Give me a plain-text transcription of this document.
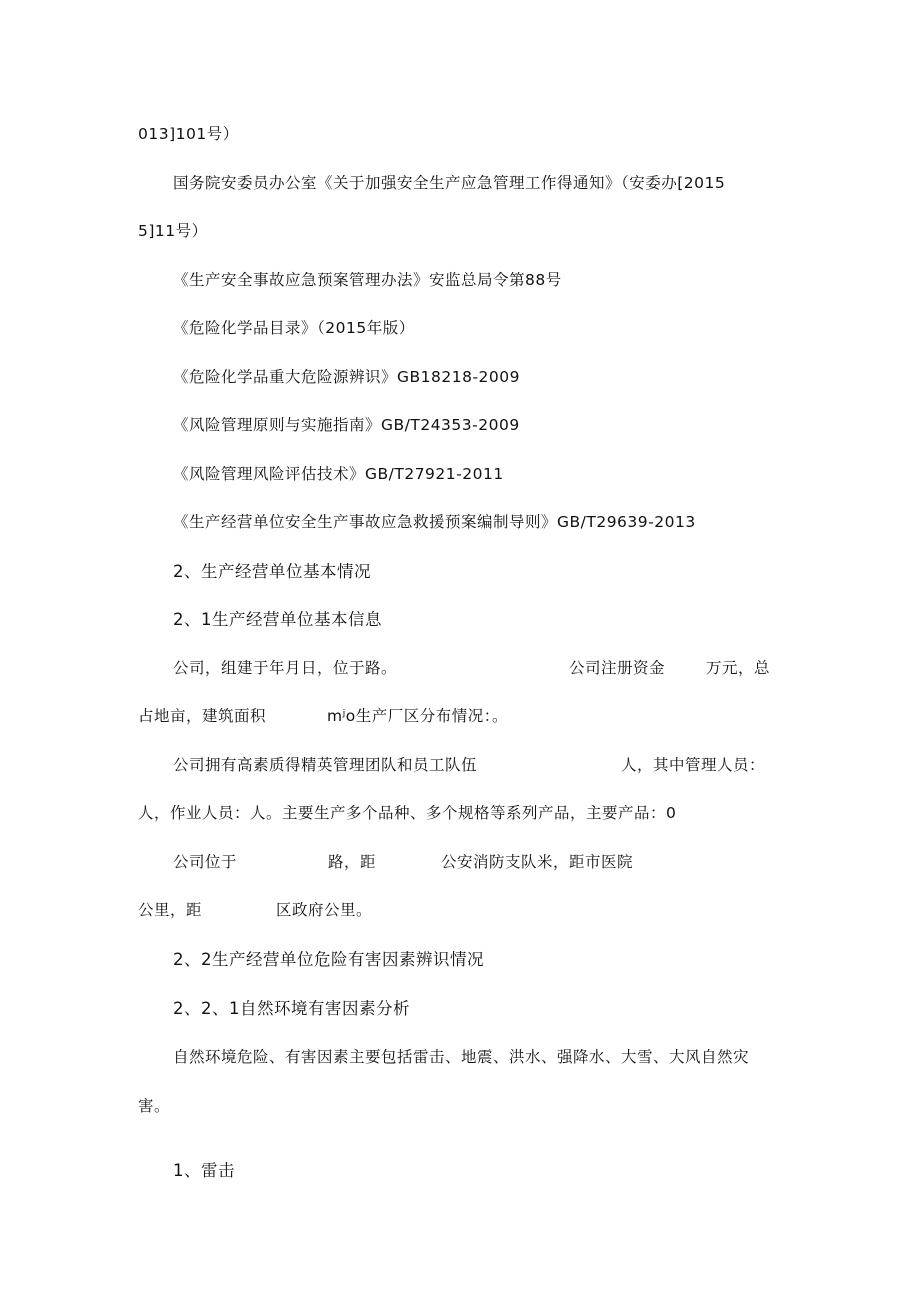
013]101号）
国务院安委员办公室《关于加强安全生产应急管理工作得通知》（安委办[2015
5]11号）
《生产安全事故应急预案管理办法》安监总局令第88号
《危险化学品目录》（2015年版）
《危险化学品重大危险源辨识》GB18218-2009
《风险管理原则与实施指南》GB/T24353-2009
《风险管理风险评估技术》GB/T27921-2011
《生产经营单位安全生产事故应急救援预案编制导则》GB/T29639-2013
2、生产经营单位基本情况
2、1生产经营单位基本信息
公司，组建于年月日，位于路。	公司注册资金	万元，总
占地亩，建筑面积	mʲo生产厂区分布情况：。
公司拥有高素质得精英管理团队和员工队伍	人，其中管理人员：
人，作业人员：人。主要生产多个品种、多个规格等系列产品，主要产品：0
公司位于	路，距	公安消防支队米，距市医院
公里，距	区政府公里。
2、2生产经营单位危险有害因素辨识情况
2、2、1自然环境有害因素分析
自然环境危险、有害因素主要包括雷击、地震、洪水、强降水、大雪、大风自然灾
害。
1、雷击
